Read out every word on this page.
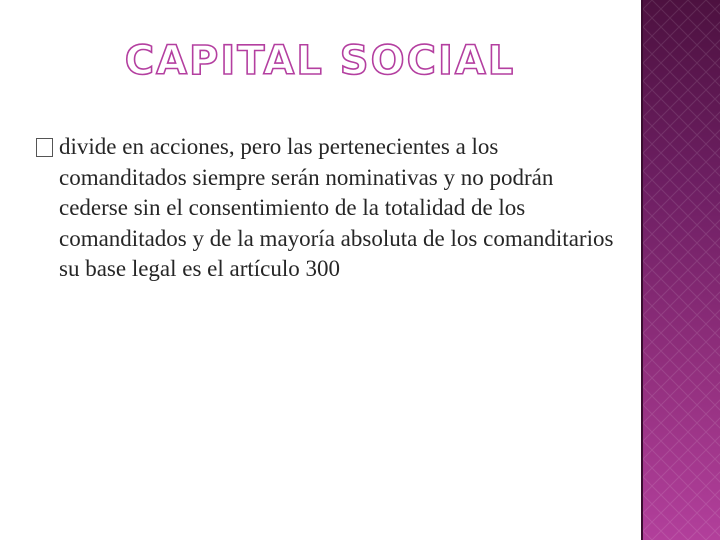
CAPITAL SOCIAL
divide en acciones, pero las pertenecientes a los comanditados siempre serán nominativas y no podrán cederse sin el consentimiento de la totalidad de los comanditados y de la mayoría absoluta de los comanditarios su base legal es el artículo 300
